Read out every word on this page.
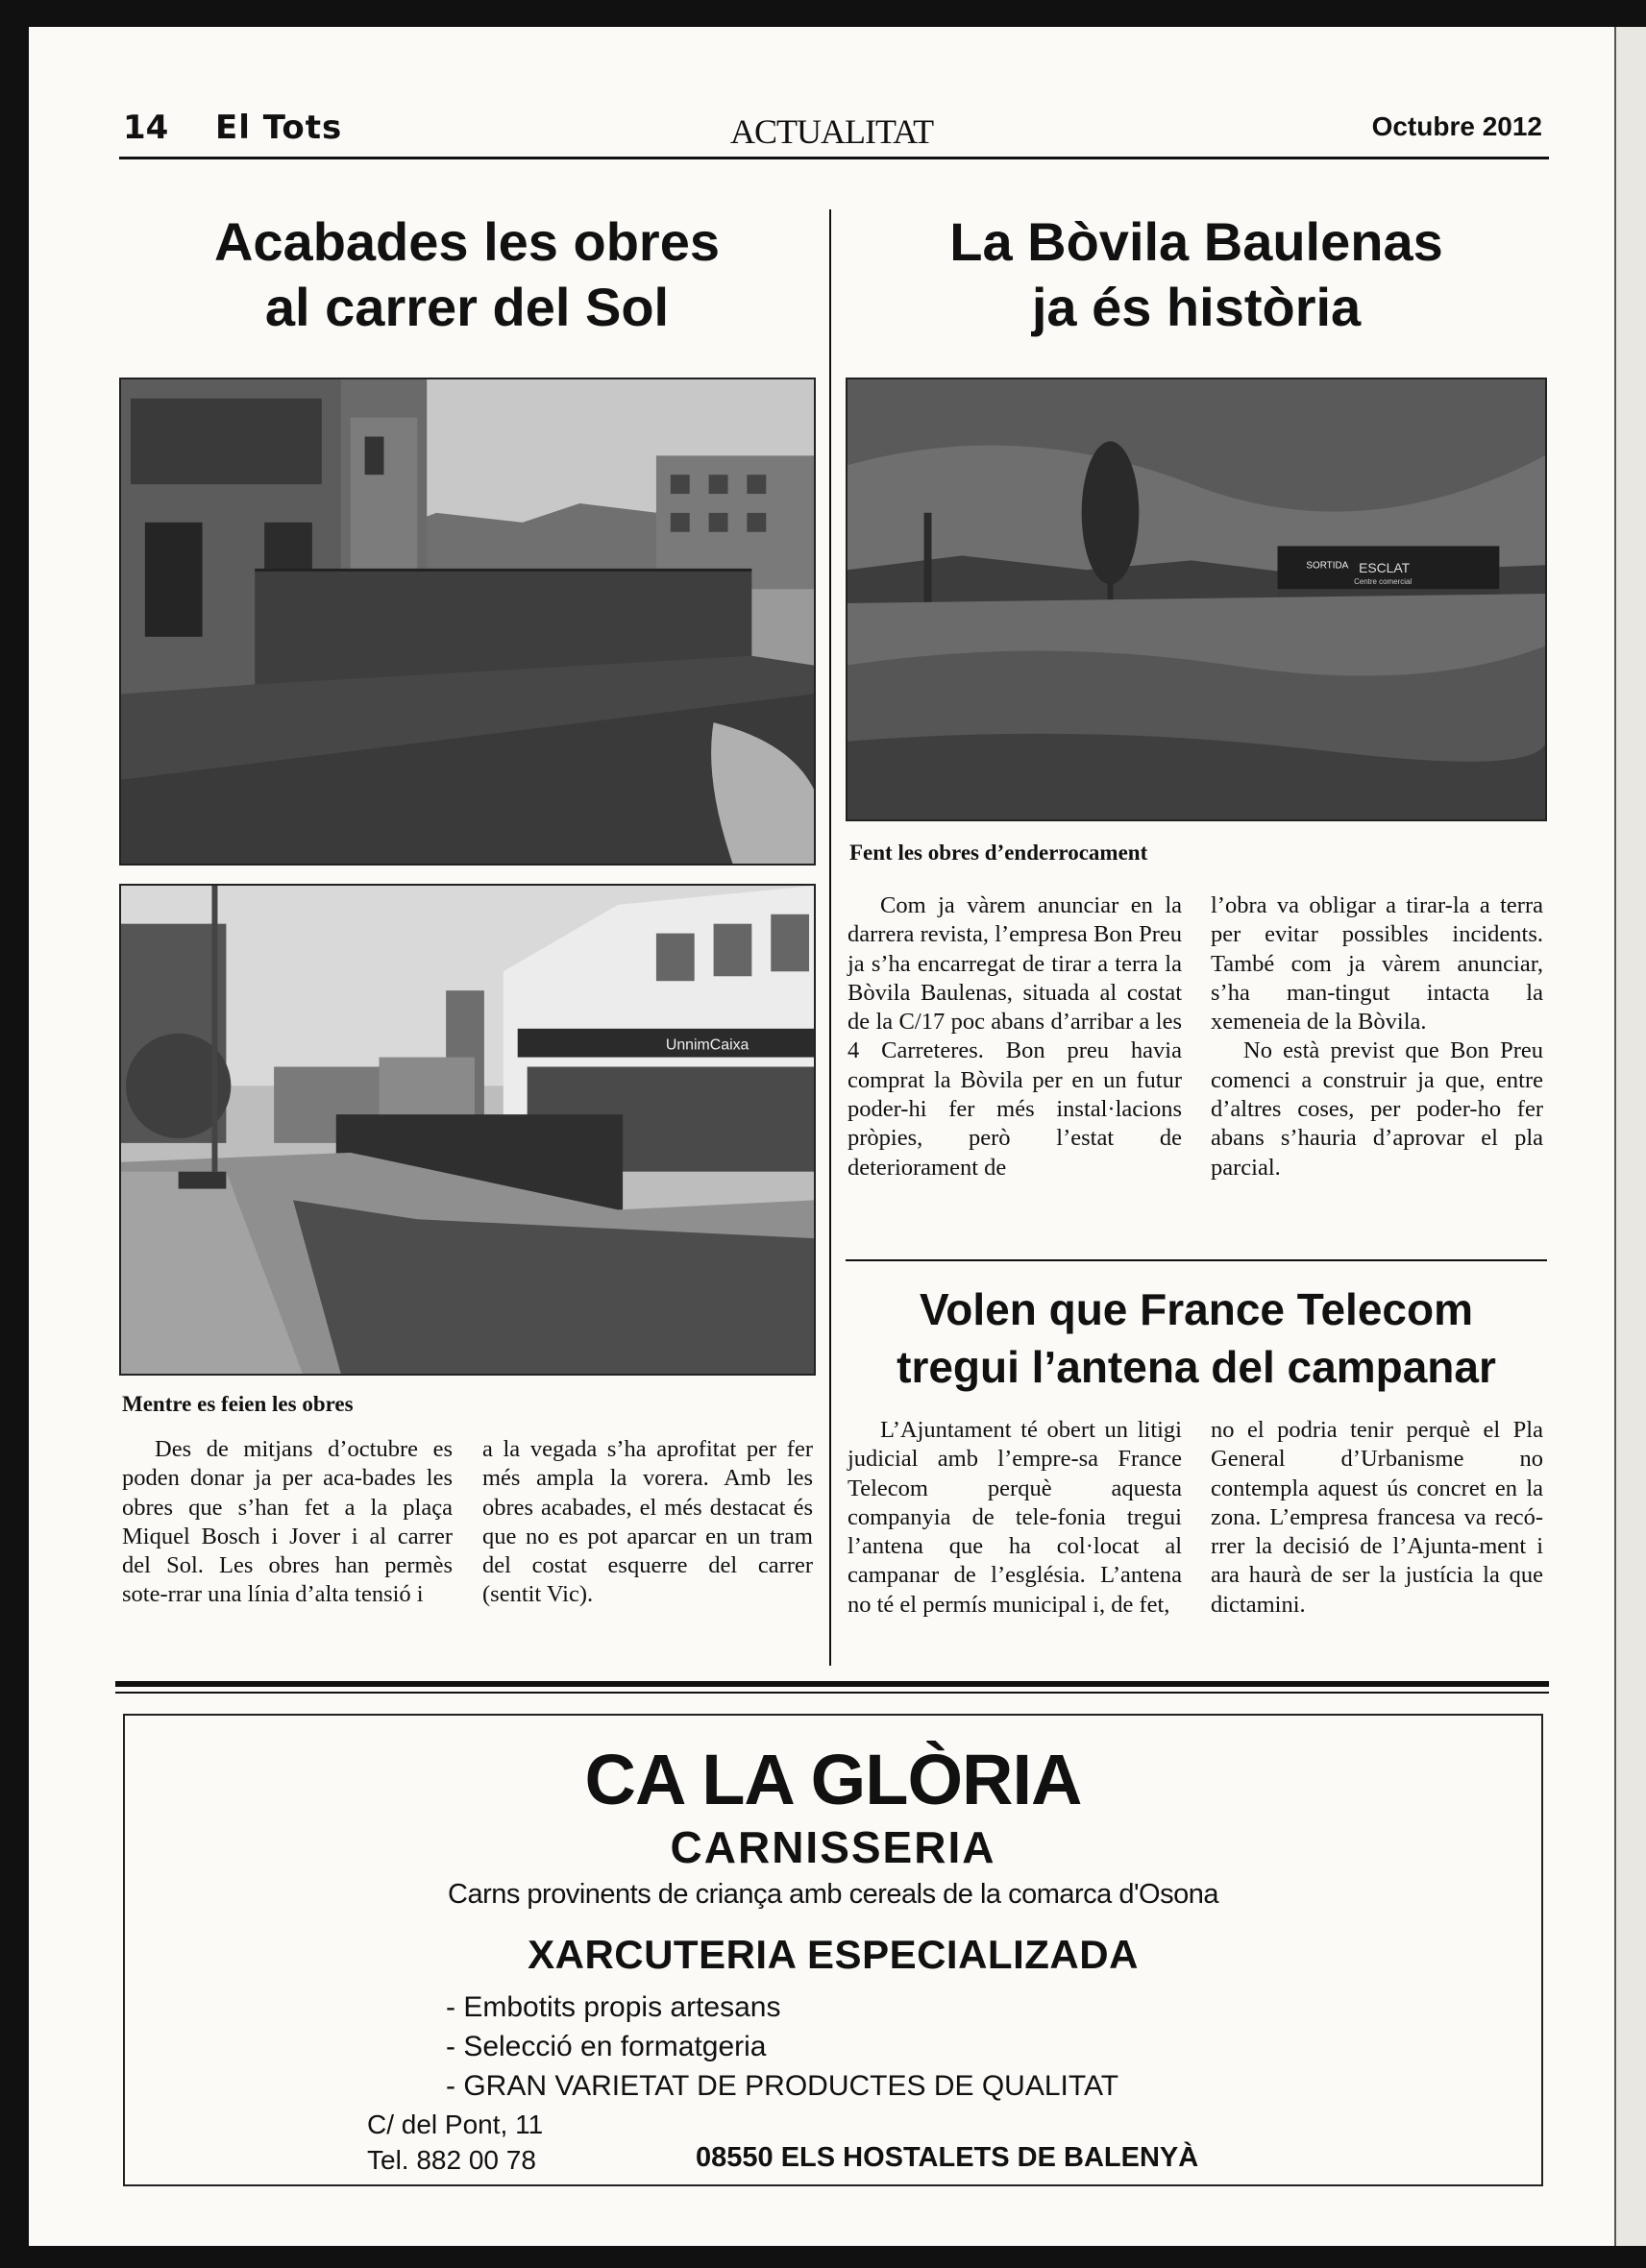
14 El Tots	ACTUALITAT	Octubre 2012

Acabades les obres

al carrer del Sol

La Bòvila Baulenas

ja és història

UnnimCaixa
SORTIDA ESCLAT
Centre comercial
Mentre es feien les obres
Fent les obres d’enderrocament

Com ja vàrem anunciar en la darrera revista, l’empresa Bon Preu ja s’ha encarregat de tirar a terra la Bòvila Baulenas, situada al costat de la C/17 poc abans d’arribar a les 4 Carreteres. Bon preu havia comprat la Bòvila per en un futur poder-hi fer més instal·lacions pròpies, però l’estat de deteriorament de

l’obra va obligar a tirar-la a terra per evitar possibles incidents. També com ja vàrem anunciar, s’ha man-tingut intacta la xemeneia de la Bòvila.

No està previst que Bon Preu comenci a construir ja que, entre d’altres coses, per poder-ho fer abans s’hauria d’aprovar el pla parcial.

Volen que France Telecom

tregui l’antena del campanar

Des de mitjans d’octubre es poden donar ja per aca-bades les obres que s’han fet a la plaça Miquel Bosch i Jover i al carrer del Sol. Les obres han permès sote-rrar una línia d’alta tensió i

a la vegada s’ha aprofitat per fer més ampla la vorera. Amb les obres acabades, el més destacat és que no es pot aparcar en un tram del costat esquerre del carrer (sentit Vic).

L’Ajuntament té obert un litigi judicial amb l’empre-sa France Telecom perquè aquesta companyia de tele-fonia tregui l’antena que ha col·locat al campanar de l’església. L’antena no té el permís municipal i, de fet,

no el podria tenir perquè el Pla General d’Urbanisme no contempla aquest ús concret en la zona. L’empresa francesa va recó-rrer la decisió de l’Ajunta-ment i ara haurà de ser la justícia la que dictamini.

CA LA GLÒRIA
CARNISSERIA
Carns provinents de criança amb cereals de la comarca d'Osona
XARCUTERIA ESPECIALIZADA
- Embotits propis artesans
- Selecció en formatgeria
- GRAN VARIETAT DE PRODUCTES DE QUALITAT
C/ del Pont, 11
Tel. 882 00 78	08550 ELS HOSTALETS DE BALENYÀ
